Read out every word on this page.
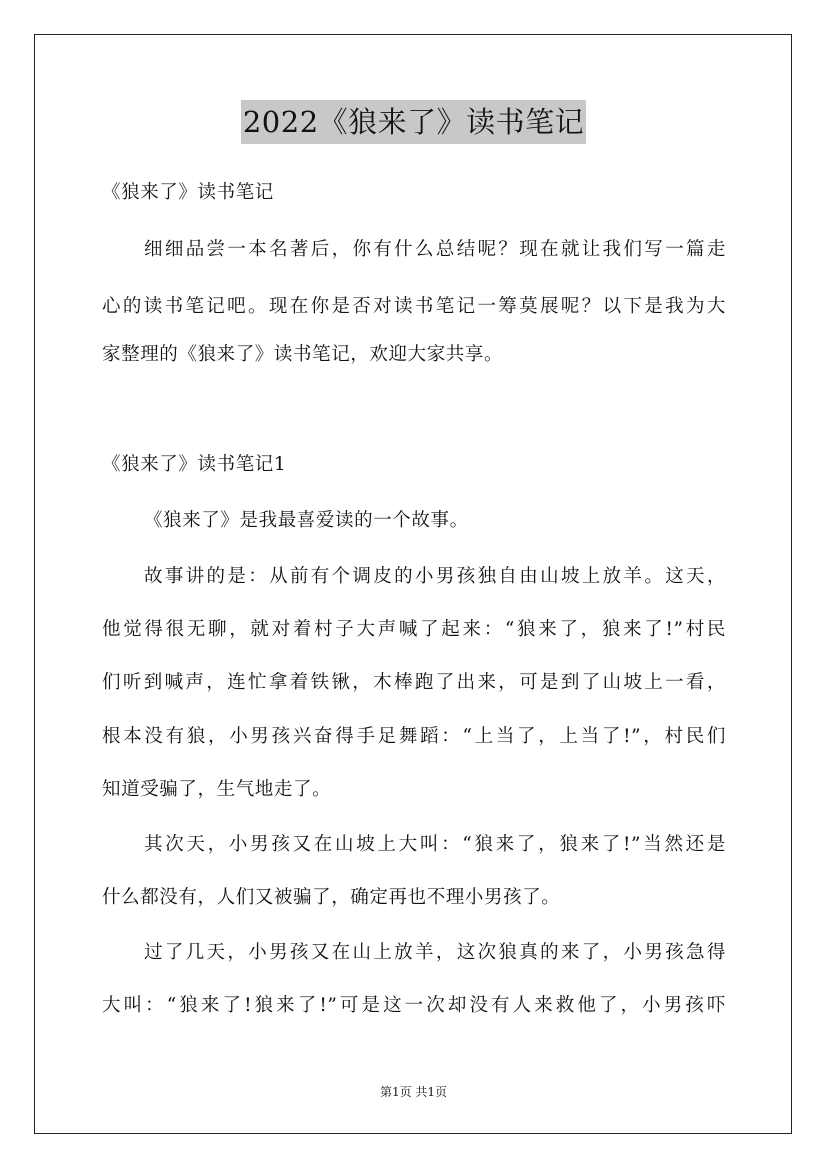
2022《狼来了》读书笔记
《狼来了》读书笔记
细细品尝一本名著后，你有什么总结呢？现在就让我们写一篇走
心的读书笔记吧。现在你是否对读书笔记一筹莫展呢？以下是我为大
家整理的《狼来了》读书笔记，欢迎大家共享。
《狼来了》读书笔记1
《狼来了》是我最喜爱读的一个故事。
故事讲的是：从前有个调皮的小男孩独自由山坡上放羊。这天，
他觉得很无聊，就对着村子大声喊了起来：“狼来了，狼来了!”村民
们听到喊声，连忙拿着铁锹，木棒跑了出来，可是到了山坡上一看，
根本没有狼，小男孩兴奋得手足舞蹈：“上当了，上当了!”，村民们
知道受骗了，生气地走了。
其次天，小男孩又在山坡上大叫：“狼来了，狼来了!”当然还是
什么都没有，人们又被骗了，确定再也不理小男孩了。
过了几天，小男孩又在山上放羊，这次狼真的来了，小男孩急得
大叫：“狼来了!狼来了!”可是这一次却没有人来救他了，小男孩吓
第1页 共1页
